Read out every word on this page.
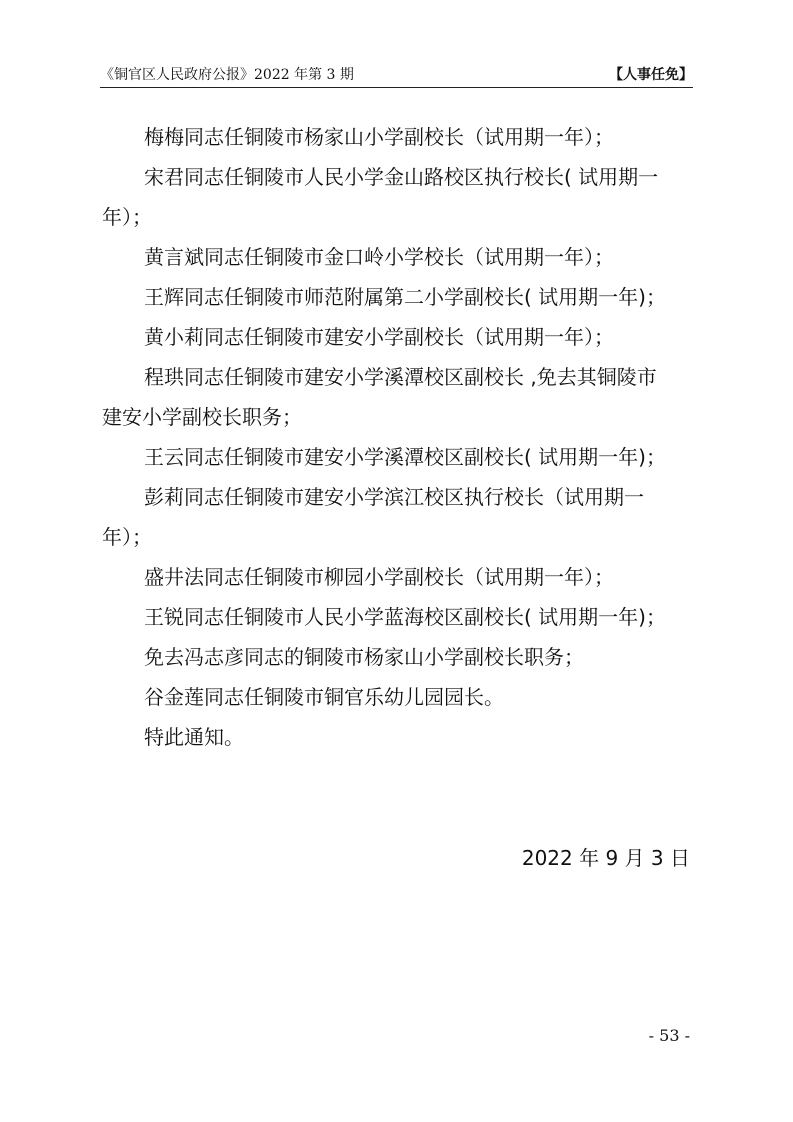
《铜官区人民政府公报》2022 年第 3 期	【人事任免】

梅梅同志任铜陵市杨家山小学副校长（试用期一年）；

宋君同志任铜陵市人民小学金山路校区执行校长( 试用期一
年）；

黄言斌同志任铜陵市金口岭小学校长（试用期一年）；

王辉同志任铜陵市师范附属第二小学副校长( 试用期一年)；

黄小莉同志任铜陵市建安小学副校长（试用期一年）；

程珙同志任铜陵市建安小学溪潭校区副校长 ,免去其铜陵市
建安小学副校长职务；

王云同志任铜陵市建安小学溪潭校区副校长( 试用期一年)；

彭莉同志任铜陵市建安小学滨江校区执行校长（试用期一
年）；

盛井法同志任铜陵市柳园小学副校长（试用期一年）；

王锐同志任铜陵市人民小学蓝海校区副校长( 试用期一年)；

免去冯志彦同志的铜陵市杨家山小学副校长职务；

谷金莲同志任铜陵市铜官乐幼儿园园长。

特此通知。

2022 年 9 月 3 日
- 53 -
